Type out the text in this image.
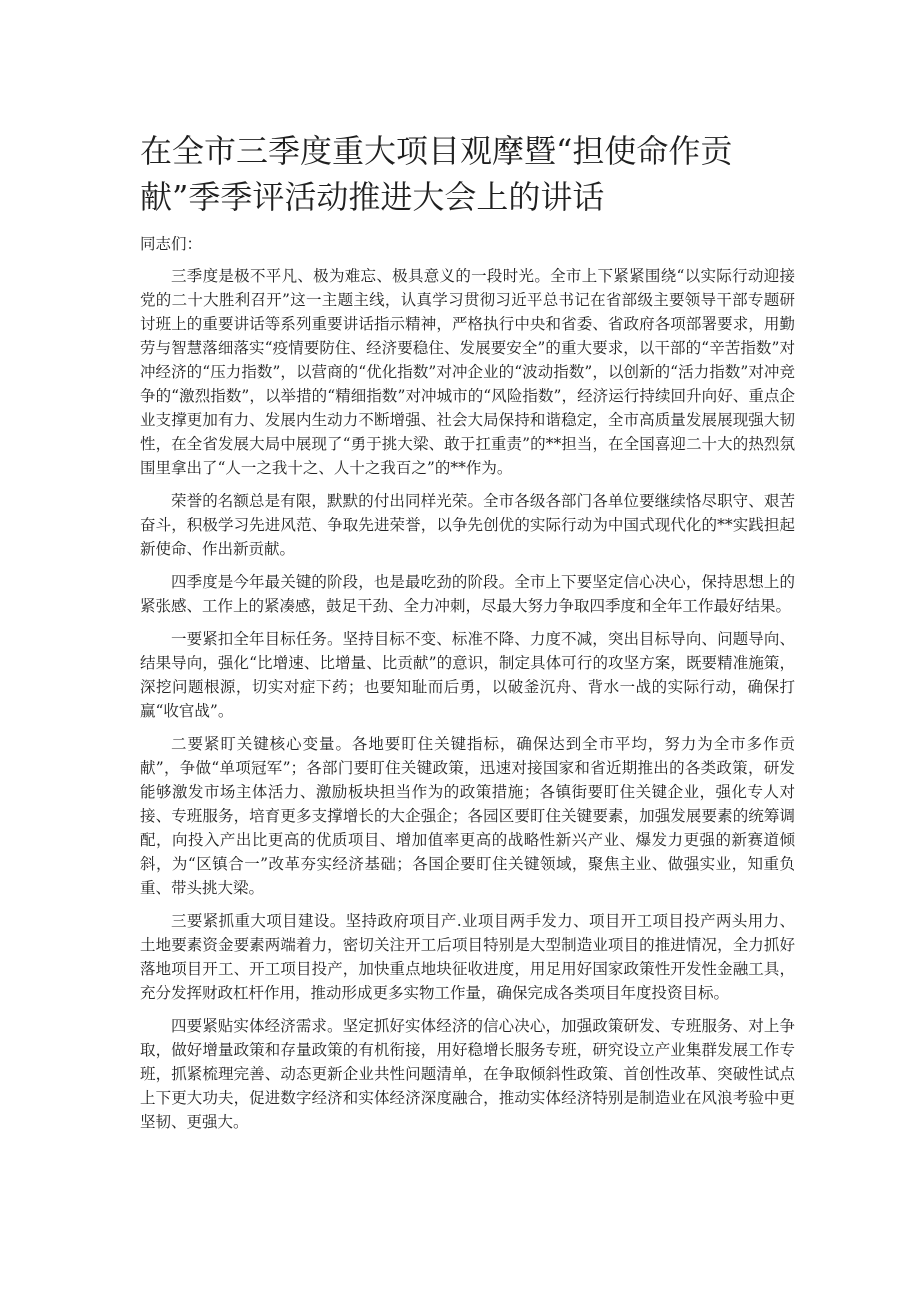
在全市三季度重大项目观摩暨“担使命作贡献”季季评活动推进大会上的讲话

同志们：

三季度是极不平凡、极为难忘、极具意义的一段时光。全市上下紧紧围绕“以实际行动迎接党的二十大胜利召开”这一主题主线，认真学习贯彻习近平总书记在省部级主要领导干部专题研讨班上的重要讲话等系列重要讲话指示精神，严格执行中央和省委、省政府各项部署要求，用勤劳与智慧落细落实“疫情要防住、经济要稳住、发展要安全”的重大要求，以干部的“辛苦指数”对冲经济的“压力指数”，以营商的“优化指数”对冲企业的“波动指数”，以创新的“活力指数”对冲竞争的“激烈指数”，以举措的“精细指数”对冲城市的“风险指数”，经济运行持续回升向好、重点企业支撑更加有力、发展内生动力不断增强、社会大局保持和谐稳定，全市高质量发展展现强大韧性，在全省发展大局中展现了“勇于挑大梁、敢于扛重责”的**担当，在全国喜迎二十大的热烈氛围里拿出了“人一之我十之、人十之我百之”的**作为。

荣誉的名额总是有限，默默的付出同样光荣。全市各级各部门各单位要继续恪尽职守、艰苦奋斗，积极学习先进风范、争取先进荣誉，以争先创优的实际行动为中国式现代化的**实践担起新使命、作出新贡献。

四季度是今年最关键的阶段，也是最吃劲的阶段。全市上下要坚定信心决心，保持思想上的紧张感、工作上的紧凑感，鼓足干劲、全力冲刺，尽最大努力争取四季度和全年工作最好结果。

一要紧扣全年目标任务。坚持目标不变、标准不降、力度不减，突出目标导向、问题导向、结果导向，强化“比增速、比增量、比贡献”的意识，制定具体可行的攻坚方案，既要精准施策，深挖问题根源，切实对症下药；也要知耻而后勇，以破釜沉舟、背水一战的实际行动，确保打赢“收官战”。

二要紧盯关键核心变量。各地要盯住关键指标，确保达到全市平均，努力为全市多作贡献”，争做“单项冠军”；各部门要盯住关键政策，迅速对接国家和省近期推出的各类政策，研发能够激发市场主体活力、激励板块担当作为的政策措施；各镇街要盯住关键企业，强化专人对接、专班服务，培育更多支撑增长的大企强企；各园区要盯住关键要素，加强发展要素的统筹调配，向投入产出比更高的优质项目、增加值率更高的战略性新兴产业、爆发力更强的新赛道倾斜，为“区镇合一”改革夯实经济基础；各国企要盯住关键领域，聚焦主业、做强实业，知重负重、带头挑大梁。

三要紧抓重大项目建设。坚持政府项目产.业项目两手发力、项目开工项目投产两头用力、土地要素资金要素两端着力，密切关注开工后项目特别是大型制造业项目的推进情况，全力抓好落地项目开工、开工项目投产，加快重点地块征收进度，用足用好国家政策性开发性金融工具，充分发挥财政杠杆作用，推动形成更多实物工作量，确保完成各类项目年度投资目标。

四要紧贴实体经济需求。坚定抓好实体经济的信心决心，加强政策研发、专班服务、对上争取，做好增量政策和存量政策的有机衔接，用好稳增长服务专班，研究设立产业集群发展工作专班，抓紧梳理完善、动态更新企业共性问题清单，在争取倾斜性政策、首创性改革、突破性试点上下更大功夫，促进数字经济和实体经济深度融合，推动实体经济特别是制造业在风浪考验中更坚韧、更强大。
